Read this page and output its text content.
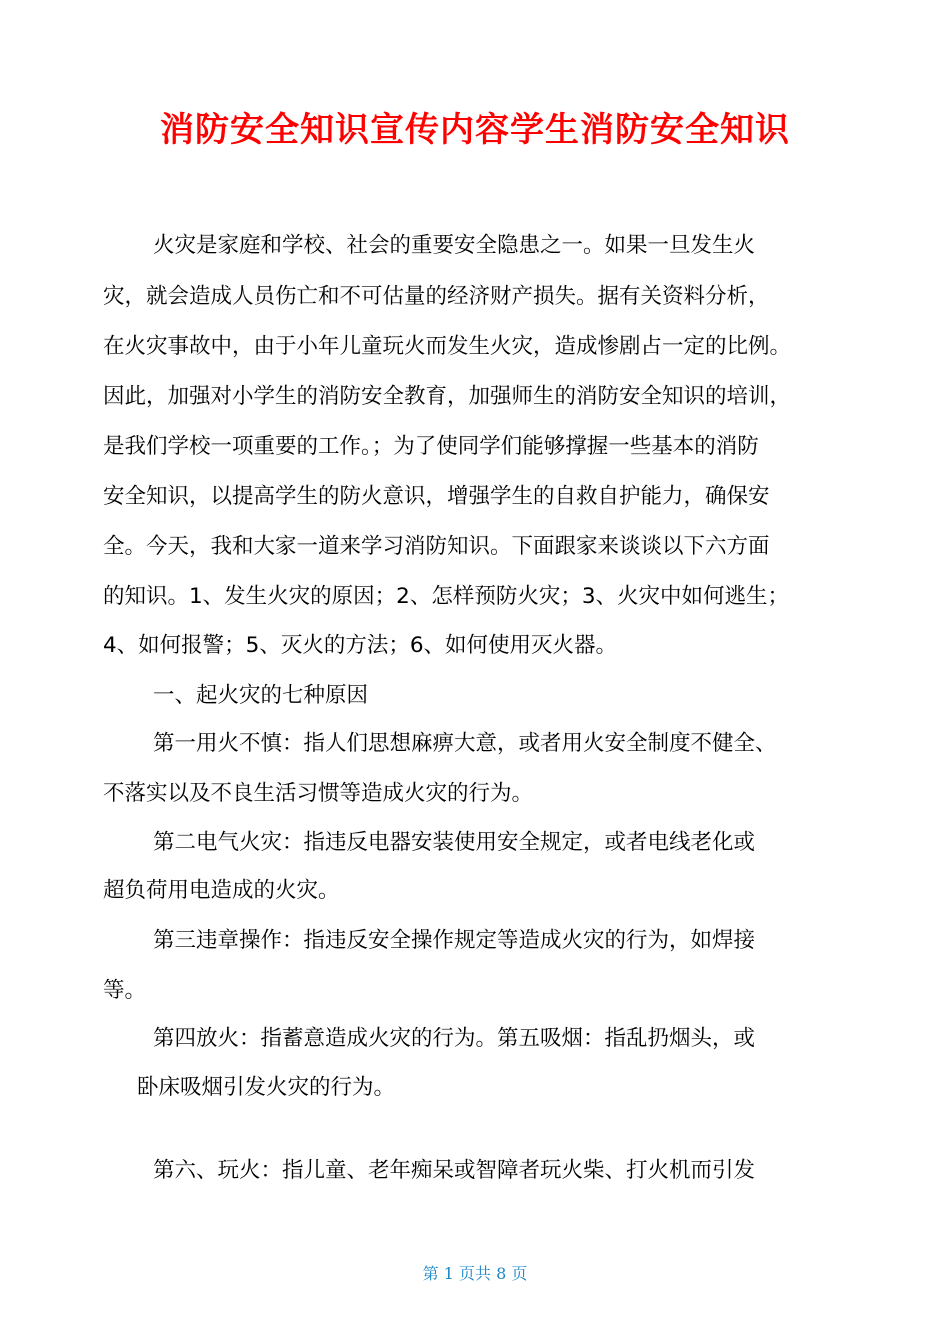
消防安全知识宣传内容学生消防安全知识
火灾是家庭和学校、社会的重要安全隐患之一。如果一旦发生火
灾，就会造成人员伤亡和不可估量的经济财产损失。据有关资料分析，
在火灾事故中，由于小年儿童玩火而发生火灾，造成惨剧占一定的比例。
因此，加强对小学生的消防安全教育，加强师生的消防安全知识的培训，
是我们学校一项重要的工作。；为了使同学们能够撑握一些基本的消防
安全知识，以提高学生的防火意识，增强学生的自救自护能力，确保安
全。今天，我和大家一道来学习消防知识。下面跟家来谈谈以下六方面
的知识。1、发生火灾的原因；2、怎样预防火灾；3、火灾中如何逃生；
4、如何报警；5、灭火的方法；6、如何使用灭火器。
一、起火灾的七种原因
第一用火不慎：指人们思想麻痹大意，或者用火安全制度不健全、
不落实以及不良生活习惯等造成火灾的行为。
第二电气火灾：指违反电器安装使用安全规定，或者电线老化或
超负荷用电造成的火灾。
第三违章操作：指违反安全操作规定等造成火灾的行为，如焊接
等。
第四放火：指蓄意造成火灾的行为。第五吸烟：指乱扔烟头，或
卧床吸烟引发火灾的行为。
第六、玩火：指儿童、老年痴呆或智障者玩火柴、打火机而引发
第 1 页共 8 页
